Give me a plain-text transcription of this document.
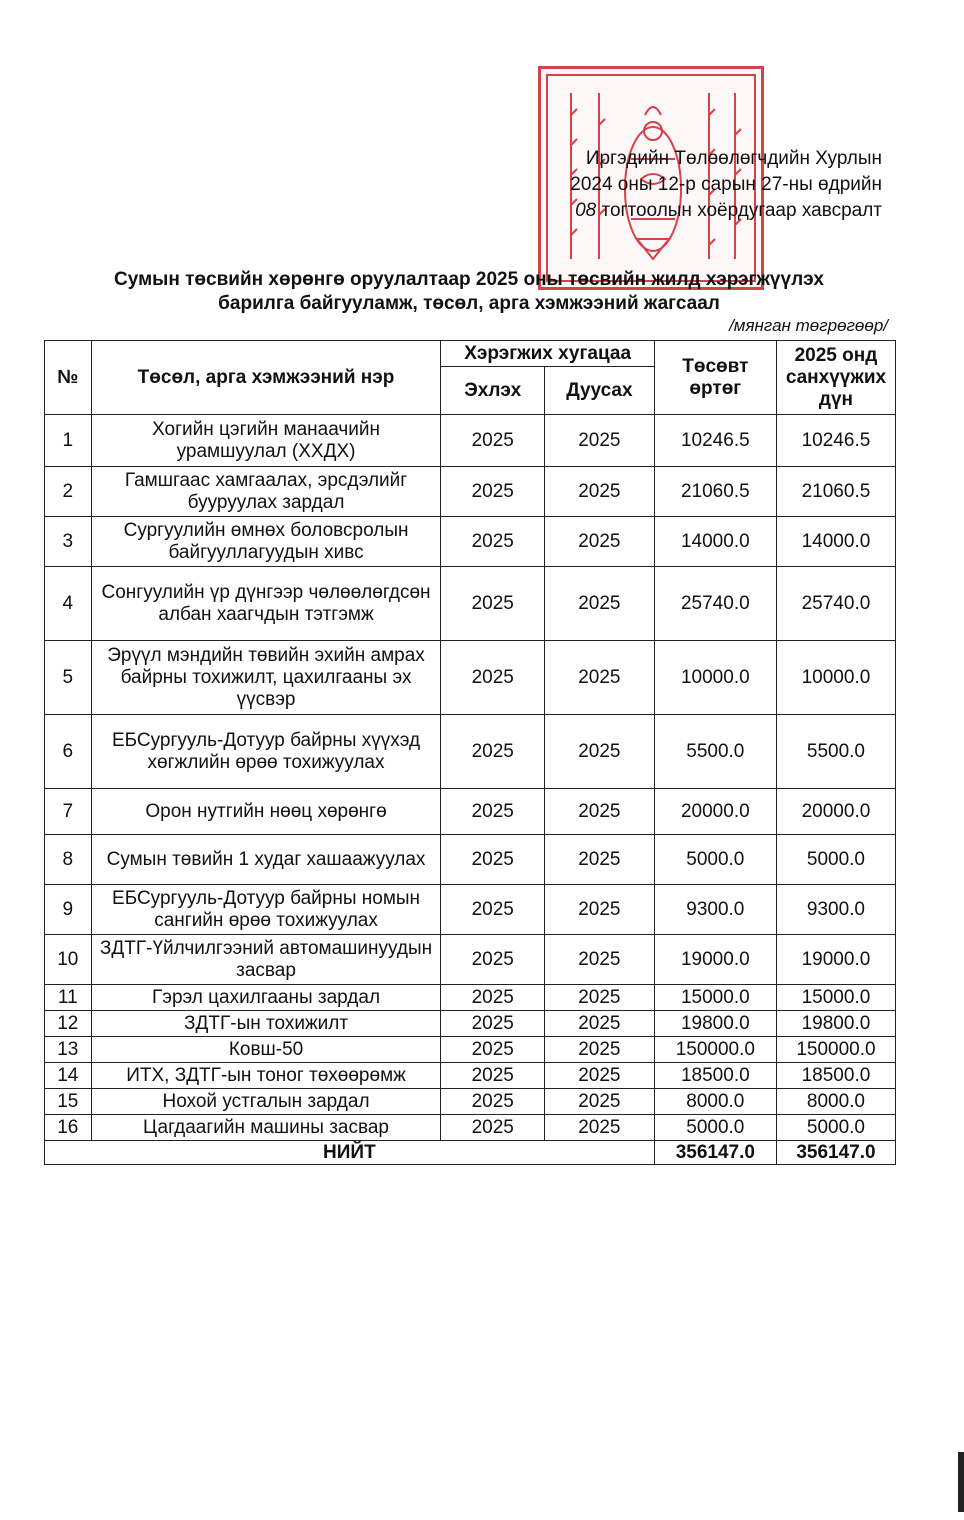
Иргэдийн Төлөөлөгчдийн Хурлын
2024 оны 12-р сарын 27-ны өдрийн
08 тогтоолын хоёрдугаар хавсралт
Сумын төсвийн хөрөнгө оруулалтаар 2025 оны төсвийн жилд хэрэгжүүлэх
барилга байгууламж, төсөл, арга хэмжээний жагсаал
/мянган төгрөгөөр/
№	Төсөл, арга хэмжээний нэр	Хэрэгжих хугацаа		Төсөвт өртөг	2025 онд санхүүжих дүн
		Эхлэх	Дуусах		
1	Хогийн цэгийн манаачийн урамшуулал (ХХДХ)	2025	2025	10246.5	10246.5
2	Гамшгаас хамгаалах, эрсдэлийг бууруулах зардал	2025	2025	21060.5	21060.5
3	Сургуулийн өмнөх боловсролын байгууллагуудын хивс	2025	2025	14000.0	14000.0
4	Сонгуулийн үр дүнгээр чөлөөлөгдсөн албан хаагчдын тэтгэмж	2025	2025	25740.0	25740.0
5	Эрүүл мэндийн төвийн эхийн амрах байрны тохижилт, цахилгааны эх үүсвэр	2025	2025	10000.0	10000.0
6	ЕБСургууль-Дотуур байрны хүүхэд хөгжлийн өрөө тохижуулах	2025	2025	5500.0	5500.0
7	Орон нутгийн нөөц хөрөнгө	2025	2025	20000.0	20000.0
8	Сумын төвийн 1 худаг хашаажуулах	2025	2025	5000.0	5000.0
9	ЕБСургууль-Дотуур байрны номын сангийн өрөө тохижуулах	2025	2025	9300.0	9300.0
10	ЗДТГ-Үйлчилгээний автомашинуудын засвар	2025	2025	19000.0	19000.0
11	Гэрэл цахилгааны зардал	2025	2025	15000.0	15000.0
12	ЗДТГ-ын тохижилт	2025	2025	19800.0	19800.0
13	Ковш-50	2025	2025	150000.0	150000.0
14	ИТХ, ЗДТГ-ын тоног төхөөрөмж	2025	2025	18500.0	18500.0
15	Нохой устгалын зардал	2025	2025	8000.0	8000.0
16	Цагдаагийн машины засвар	2025	2025	5000.0	5000.0
НИЙТ				356147.0	356147.0
